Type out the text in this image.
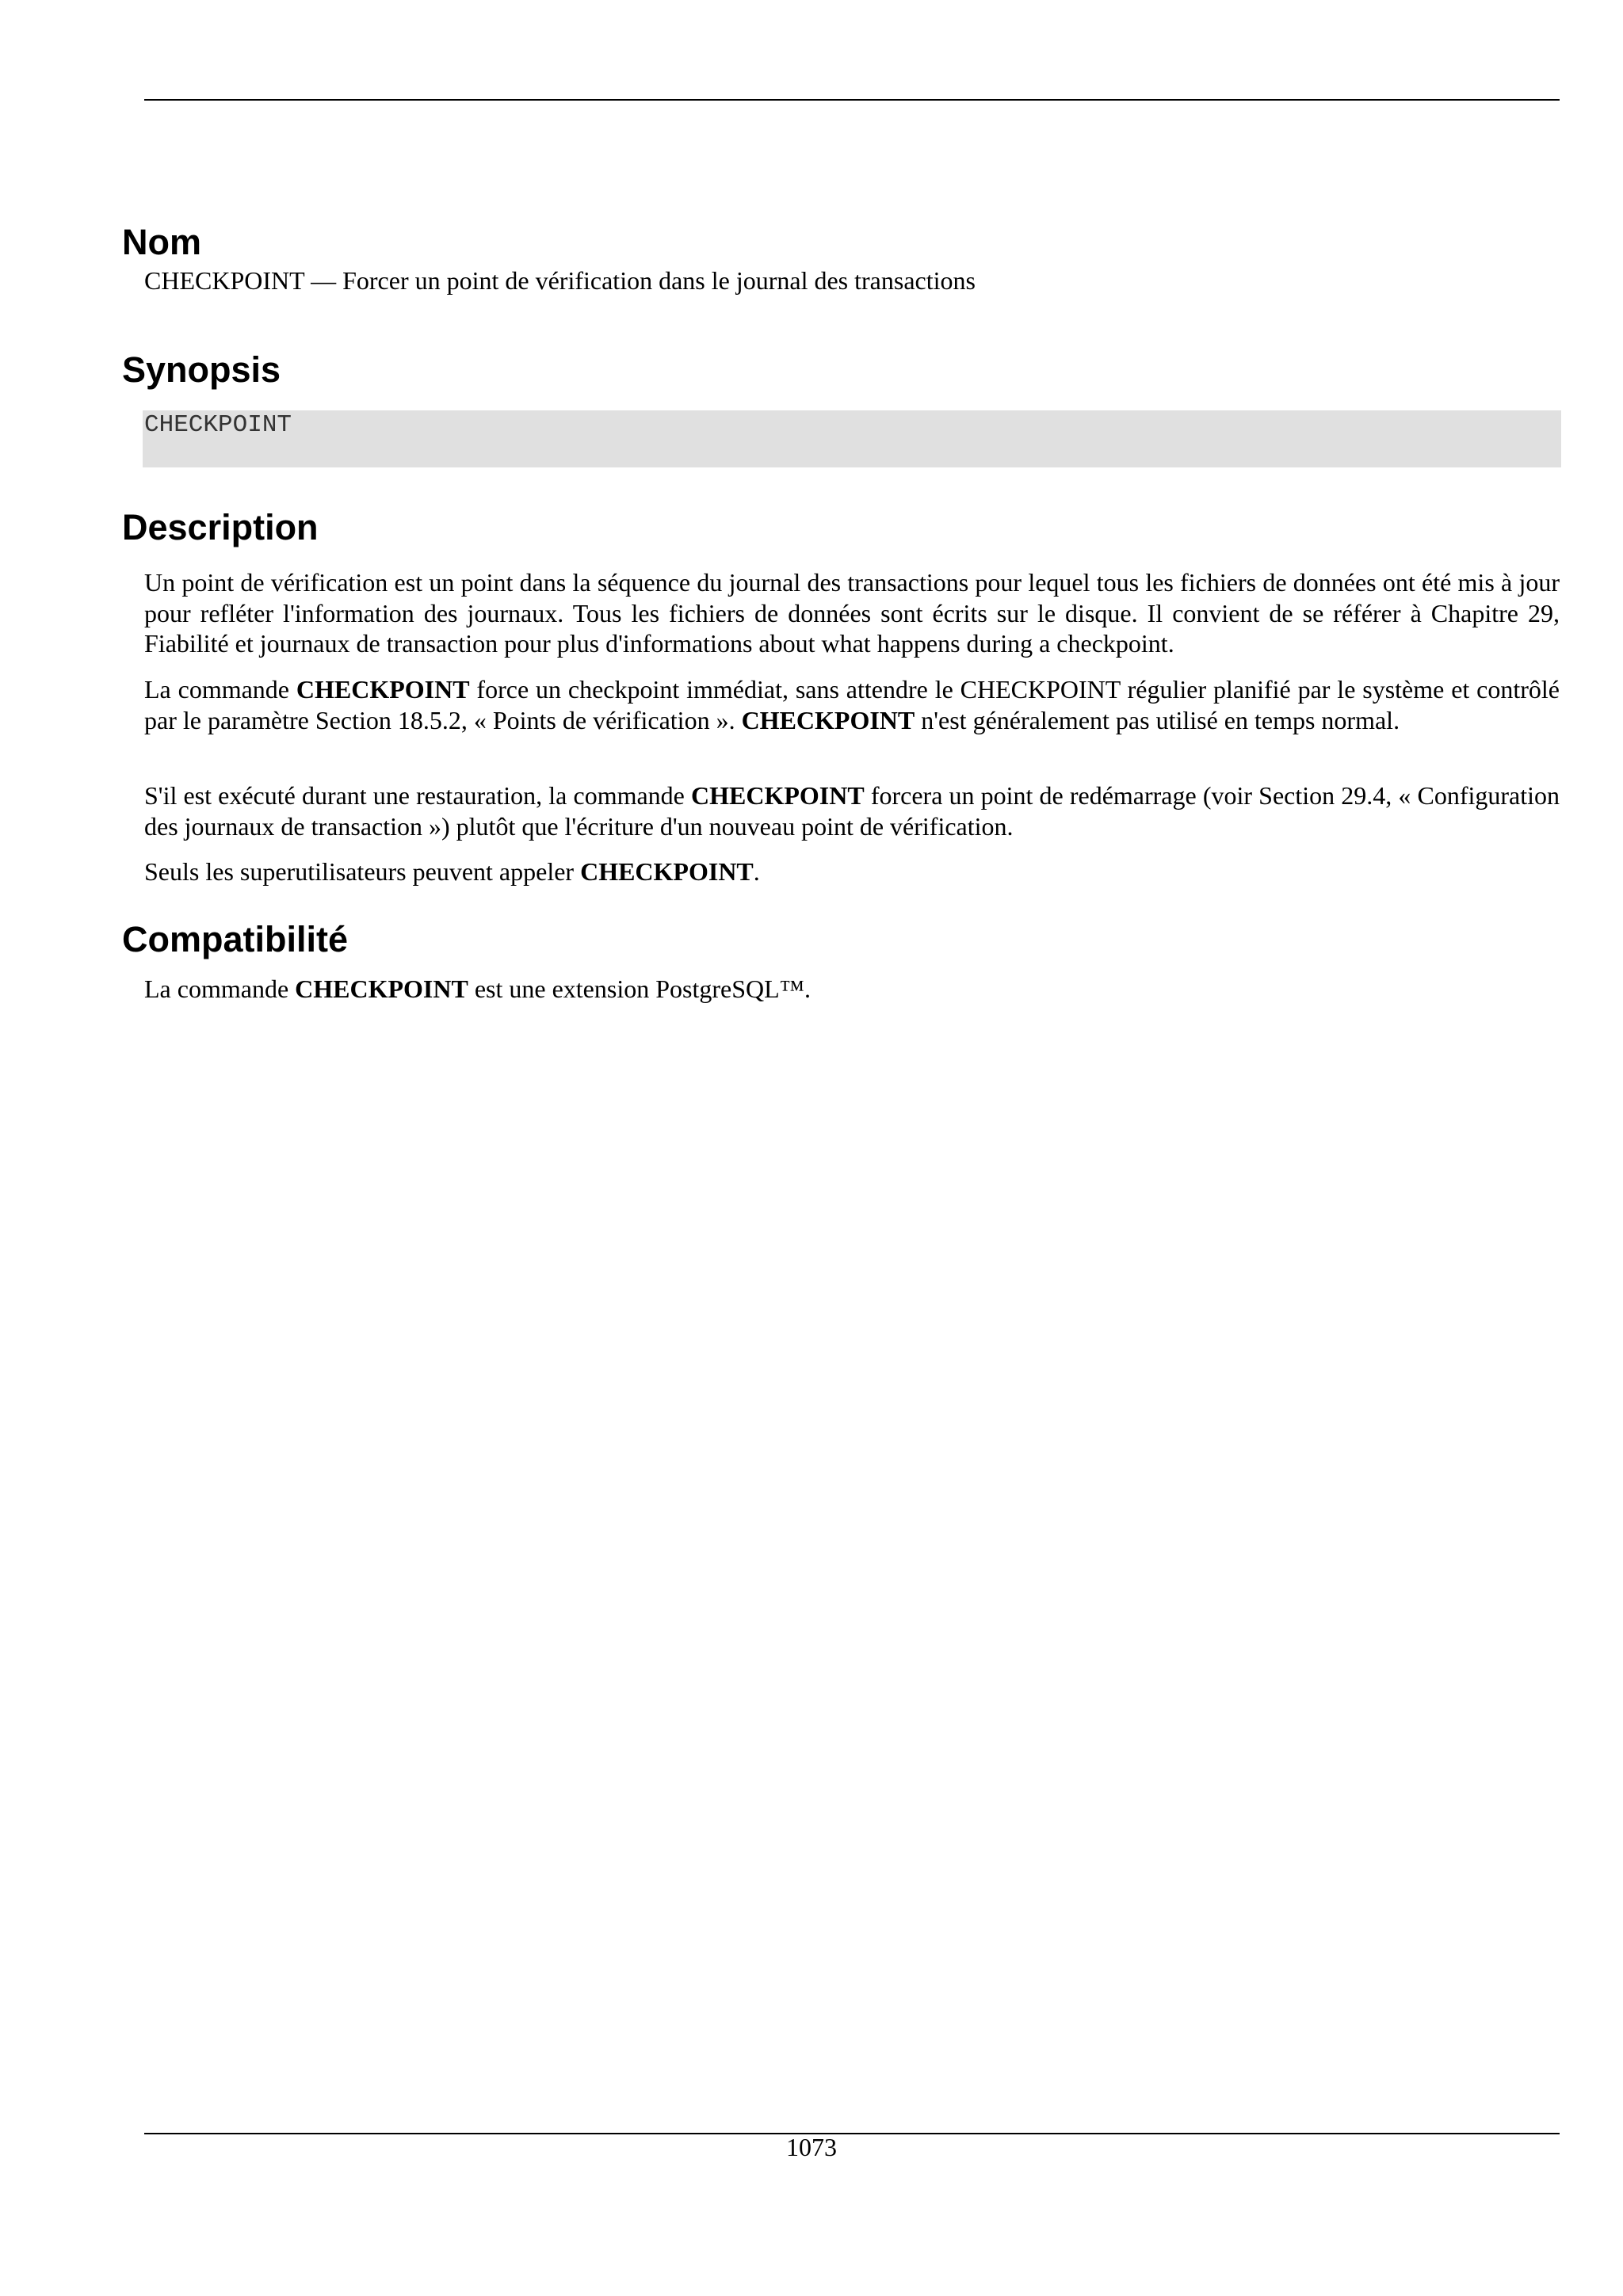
Nom

CHECKPOINT — Forcer un point de vérification dans le journal des transactions

Synopsis
CHECKPOINT
Description

Un point de vérification est un point dans la séquence du journal des transactions pour lequel tous les fichiers de données ont été mis à jour pour refléter l'information des journaux. Tous les fichiers de données sont écrits sur le disque. Il convient de se référer à Chapitre 29, Fiabilité et journaux de transaction pour plus d'informations about what happens during a checkpoint.

La commande CHECKPOINT force un checkpoint immédiat, sans attendre le CHECKPOINT régulier planifié par le système et contrôlé par le paramètre Section 18.5.2, « Points de vérification ». CHECKPOINT n'est généralement pas utilisé en temps normal.

S'il est exécuté durant une restauration, la commande CHECKPOINT forcera un point de redémarrage (voir Section 29.4, « Configuration des journaux de transaction ») plutôt que l'écriture d'un nouveau point de vérification.

Seuls les superutilisateurs peuvent appeler CHECKPOINT.

Compatibilité

La commande CHECKPOINT est une extension PostgreSQL™.

1073
